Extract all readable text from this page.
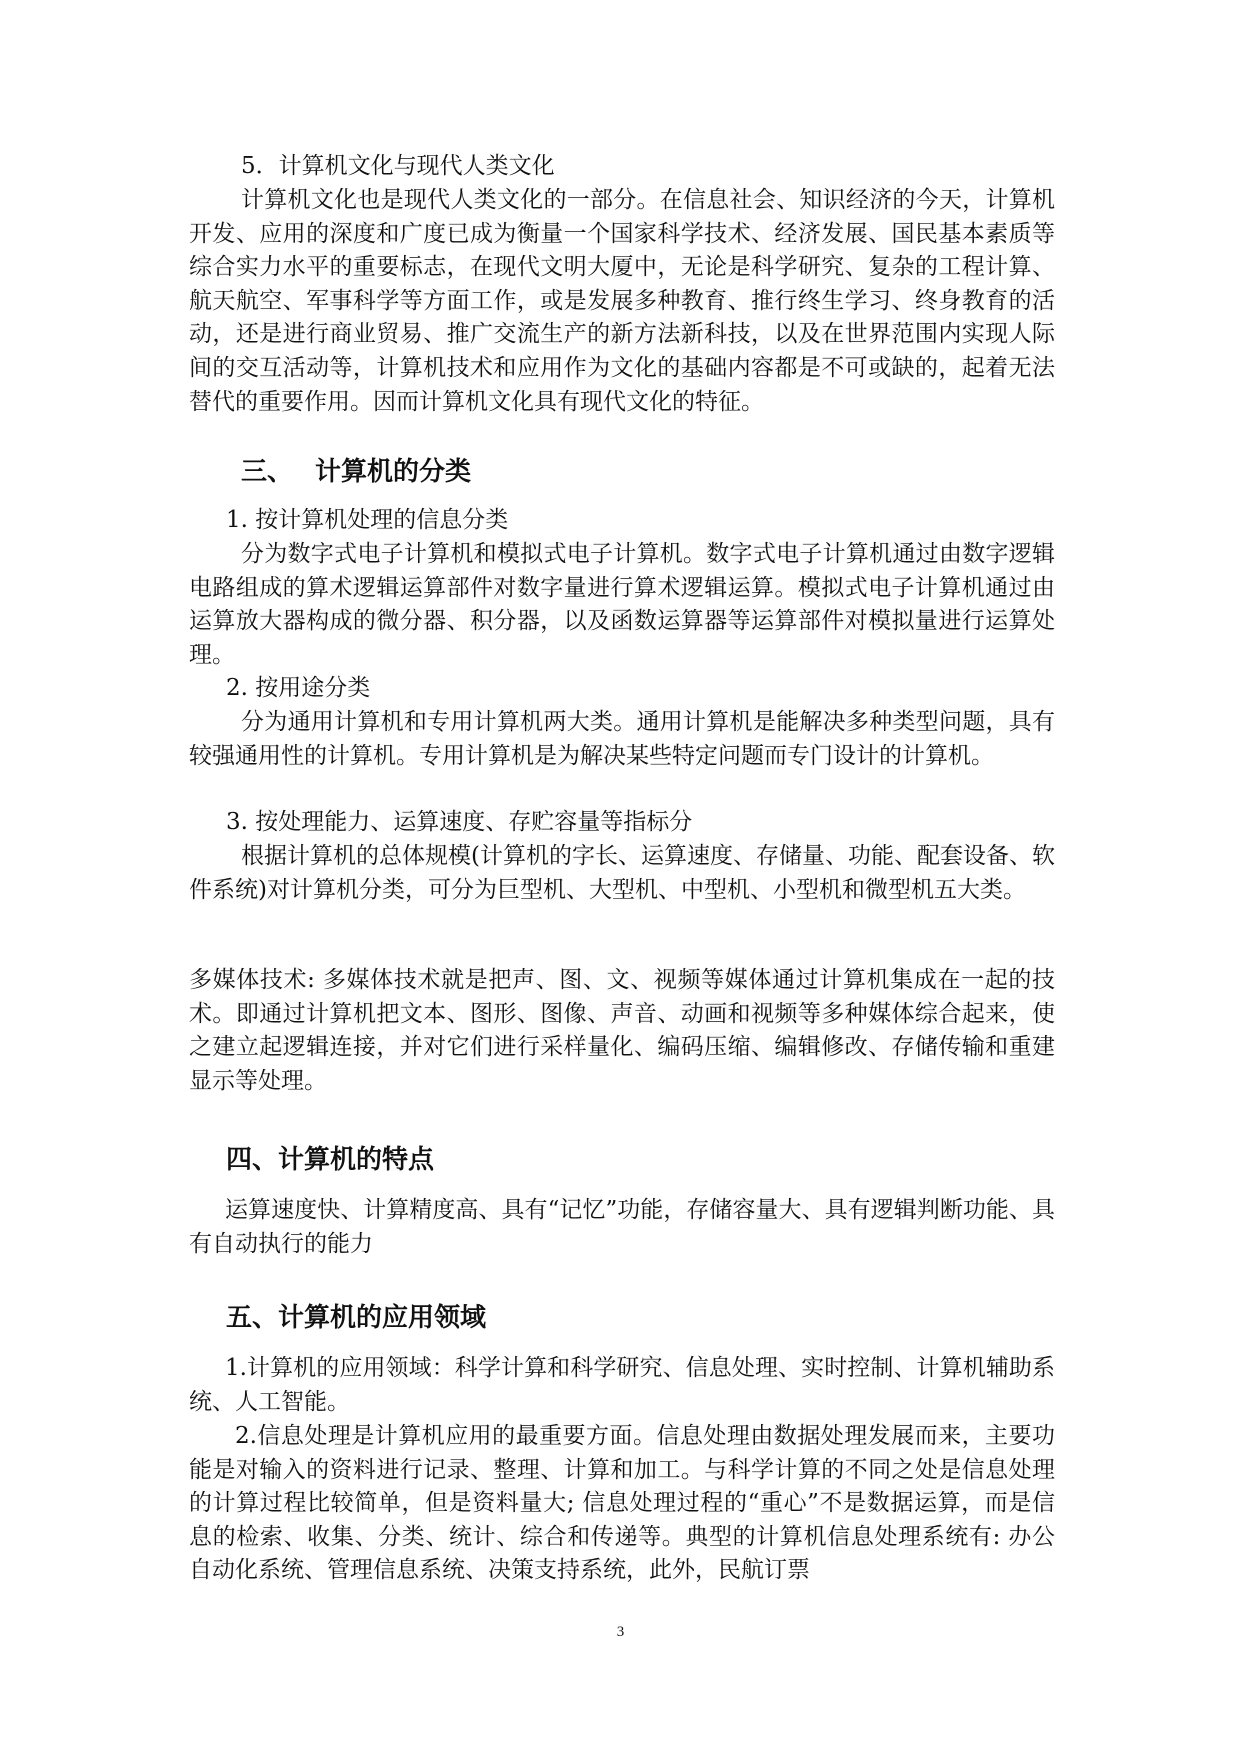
5．计算机文化与现代人类文化

计算机文化也是现代人类文化的一部分。在信息社会、知识经济的今天，计算机开发、应用的深度和广度已成为衡量一个国家科学技术、经济发展、国民基本素质等综合实力水平的重要标志，在现代文明大厦中，无论是科学研究、复杂的工程计算、航天航空、军事科学等方面工作，或是发展多种教育、推行终生学习、终身教育的活动，还是进行商业贸易、推广交流生产的新方法新科技，以及在世界范围内实现人际间的交互活动等，计算机技术和应用作为文化的基础内容都是不可或缺的，起着无法替代的重要作用。因而计算机文化具有现代文化的特征。

三、 计算机的分类

1. 按计算机处理的信息分类

分为数字式电子计算机和模拟式电子计算机。数字式电子计算机通过由数字逻辑电路组成的算术逻辑运算部件对数字量进行算术逻辑运算。模拟式电子计算机通过由运算放大器构成的微分器、积分器，以及函数运算器等运算部件对模拟量进行运算处理。

2. 按用途分类

分为通用计算机和专用计算机两大类。通用计算机是能解决多种类型问题，具有较强通用性的计算机。专用计算机是为解决某些特定问题而专门设计的计算机。

3. 按处理能力、运算速度、存贮容量等指标分

根据计算机的总体规模(计算机的字长、运算速度、存储量、功能、配套设备、软件系统)对计算机分类，可分为巨型机、大型机、中型机、小型机和微型机五大类。

多媒体技术: 多媒体技术就是把声、图、文、视频等媒体通过计算机集成在一起的技术。即通过计算机把文本、图形、图像、声音、动画和视频等多种媒体综合起来，使之建立起逻辑连接，并对它们进行采样量化、编码压缩、编辑修改、存储传输和重建显示等处理。

四、计算机的特点

运算速度快、计算精度高、具有“记忆”功能，存储容量大、具有逻辑判断功能、具有自动执行的能力

五、计算机的应用领域

1.计算机的应用领域：科学计算和科学研究、信息处理、实时控制、计算机辅助系统、人工智能。

2.信息处理是计算机应用的最重要方面。信息处理由数据处理发展而来，主要功能是对输入的资料进行记录、整理、计算和加工。与科学计算的不同之处是信息处理的计算过程比较简单，但是资料量大; 信息处理过程的“重心”不是数据运算，而是信息的检索、收集、分类、统计、综合和传递等。典型的计算机信息处理系统有: 办公自动化系统、管理信息系统、决策支持系统，此外，民航订票

3
